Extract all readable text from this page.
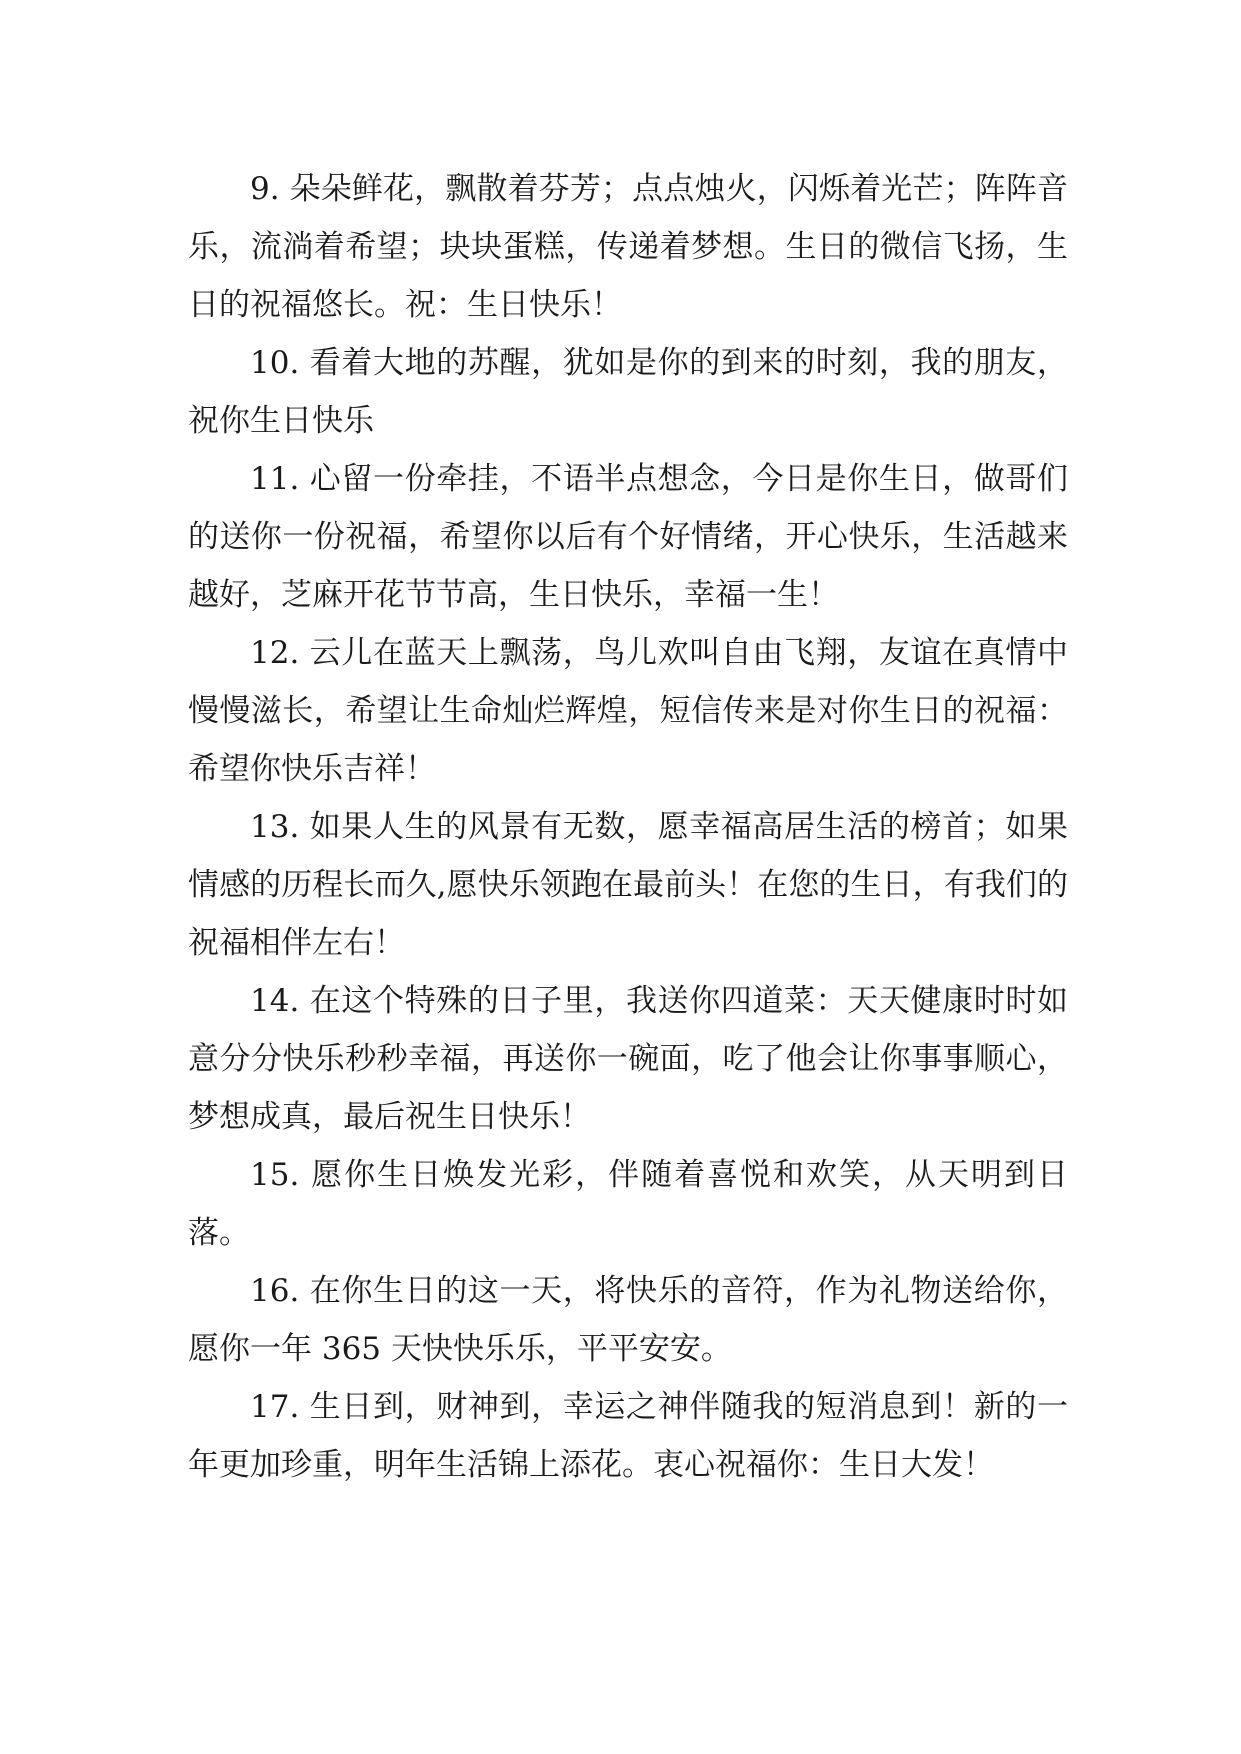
9. 朵朵鲜花，飘散着芬芳；点点烛火，闪烁着光芒；阵阵音乐，流淌着希望；块块蛋糕，传递着梦想。生日的微信飞扬，生日的祝福悠长。祝：生日快乐！

10. 看着大地的苏醒，犹如是你的到来的时刻，我的朋友，祝你生日快乐

11. 心留一份牵挂，不语半点想念，今日是你生日，做哥们的送你一份祝福，希望你以后有个好情绪，开心快乐，生活越来越好，芝麻开花节节高，生日快乐，幸福一生！

12. 云儿在蓝天上飘荡，鸟儿欢叫自由飞翔，友谊在真情中慢慢滋长，希望让生命灿烂辉煌，短信传来是对你生日的祝福：希望你快乐吉祥！

13. 如果人生的风景有无数，愿幸福高居生活的榜首；如果情感的历程长而久,愿快乐领跑在最前头！在您的生日，有我们的祝福相伴左右！

14. 在这个特殊的日子里，我送你四道菜：天天健康时时如意分分快乐秒秒幸福，再送你一碗面，吃了他会让你事事顺心，梦想成真，最后祝生日快乐！

15. 愿你生日焕发光彩，伴随着喜悦和欢笑，从天明到日落。

16. 在你生日的这一天，将快乐的音符，作为礼物送给你，愿你一年 365 天快快乐乐，平平安安。

17. 生日到，财神到，幸运之神伴随我的短消息到！新的一年更加珍重，明年生活锦上添花。衷心祝福你：生日大发！
